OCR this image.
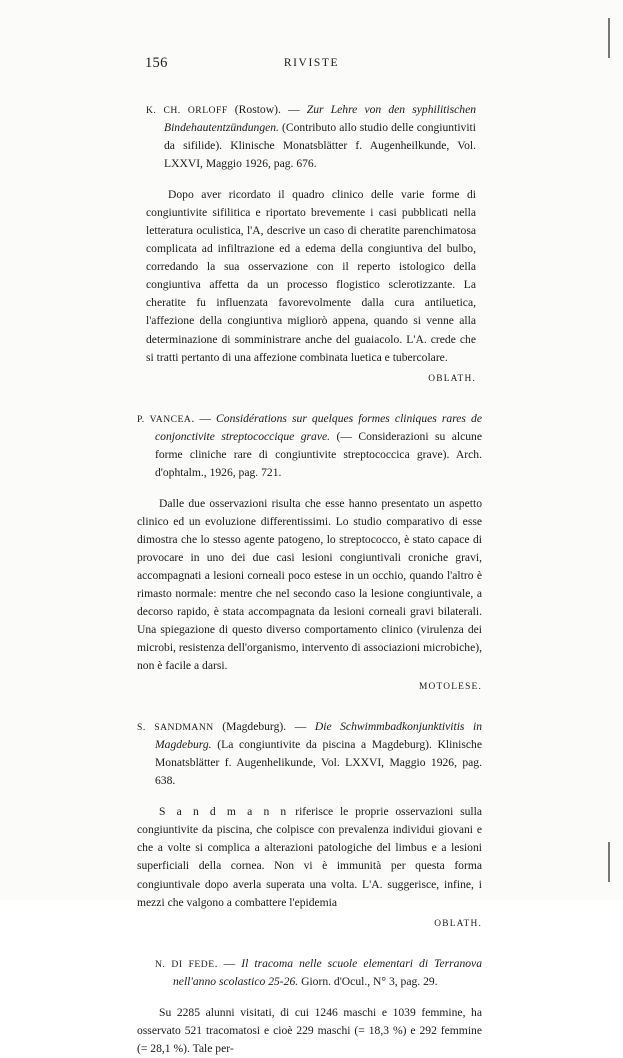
156	RIVISTE
K. CH. ORLOFF (Rostow). — Zur Lehre von den syphilitischen Bindehautentzündungen. (Contributo allo studio delle congiuntiviti da sifilide). Klinische Monatsblätter f. Augenheilkunde, Vol. LXXVI, Maggio 1926, pag. 676.
Dopo aver ricordato il quadro clinico delle varie forme di congiuntivite sifilitica e riportato brevemente i casi pubblicati nella letteratura oculistica, l'A, descrive un caso di cheratite parenchimatosa complicata ad infiltrazione ed a edema della congiuntiva del bulbo, corredando la sua osservazione con il reperto istologico della congiuntiva affetta da un processo flogistico sclerotizzante. La cheratite fu influenzata favorevolmente dalla cura antiluetica, l'affezione della congiuntiva migliorò appena, quando si venne alla determinazione di somministrare anche del guaiacolo. L'A. crede che si tratti pertanto di una affezione combinata luetica e tubercolare.
OBLATH.
P. VANCEA. — Considérations sur quelques formes cliniques rares de conjonctivite streptococcique grave. (— Considerazioni su alcune forme cliniche rare di congiuntivite streptococcica grave). Arch. d'ophtalm., 1926, pag. 721.
Dalle due osservazioni risulta che esse hanno presentato un aspetto clinico ed un evoluzione differentissimi. Lo studio comparativo di esse dimostra che lo stesso agente patogeno, lo streptococco, è stato capace di provocare in uno dei due casi lesioni congiuntivali croniche gravi, accompagnati a lesioni corneali poco estese in un occhio, quando l'altro è rimasto normale: mentre che nel secondo caso la lesione congiuntivale, a decorso rapido, è stata accompagnata da lesioni corneali gravi bilaterali. Una spiegazione di questo diverso comportamento clinico (virulenza dei microbi, resistenza dell'organismo, intervento di associazioni microbiche), non è facile a darsi.
MOTOLESE.
S. SANDMANN (Magdeburg). — Die Schwimmbadkonjunktivitis in Magdeburg. (La congiuntivite da piscina a Magdeburg). Klinische Monatsblätter f. Augenhelikunde, Vol. LXXVI, Maggio 1926, pag. 638.
S a n d m a n n riferisce le proprie osservazioni sulla congiuntivite da piscina, che colpisce con prevalenza individui giovani e che a volte si complica a alterazioni patologiche del limbus e a lesioni superficiali della cornea. Non vi è immunità per questa forma congiuntivale dopo averla superata una volta. L'A. suggerisce, infine, i mezzi che valgono a combattere l'epidemia
OBLATH.
N. DI FEDE. — Il tracoma nelle scuole elementari di Terranova nell'anno scolastico 25-26. Giorn. d'Ocul., N° 3, pag. 29.
Su 2285 alunni visitati, di cui 1246 maschi e 1039 femmine, ha osservato 521 tracomatosi e cioè 229 maschi (= 18,3 %) e 292 femmine (= 28,1 %). Tale per-
